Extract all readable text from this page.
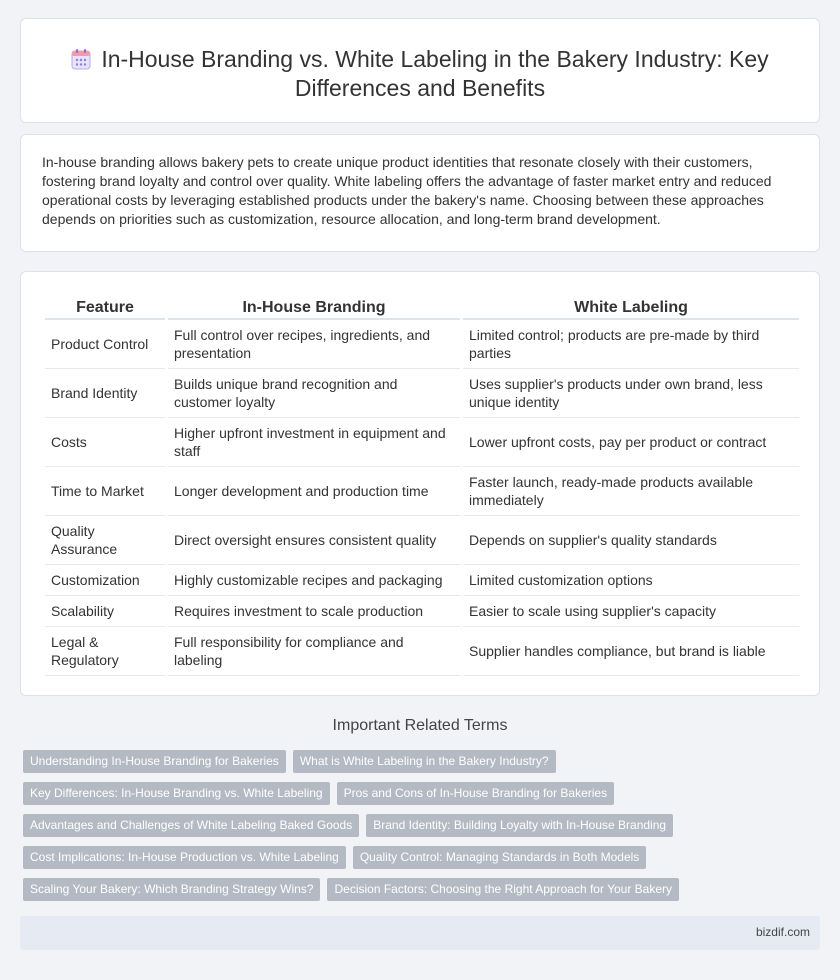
In-House Branding vs. White Labeling in the Bakery Industry: Key Differences and Benefits

In-house branding allows bakery pets to create unique product identities that resonate closely with their customers, fostering brand loyalty and control over quality. White labeling offers the advantage of faster market entry and reduced operational costs by leveraging established products under the bakery's name. Choosing between these approaches depends on priorities such as customization, resource allocation, and long-term brand development.

Feature	In-House Branding	White Labeling
Product Control	Full control over recipes, ingredients, and presentation	Limited control; products are pre-made by third parties
Brand Identity	Builds unique brand recognition and customer loyalty	Uses supplier's products under own brand, less unique identity
Costs	Higher upfront investment in equipment and staff	Lower upfront costs, pay per product or contract
Time to Market	Longer development and production time	Faster launch, ready-made products available immediately
Quality Assurance	Direct oversight ensures consistent quality	Depends on supplier's quality standards
Customization	Highly customizable recipes and packaging	Limited customization options
Scalability	Requires investment to scale production	Easier to scale using supplier's capacity
Legal & Regulatory	Full responsibility for compliance and labeling	Supplier handles compliance, but brand is liable
Important Related Terms
Understanding In-House Branding for Bakeries	What is White Labeling in the Bakery Industry?
Key Differences: In-House Branding vs. White Labeling	Pros and Cons of In-House Branding for Bakeries
Advantages and Challenges of White Labeling Baked Goods	Brand Identity: Building Loyalty with In-House Branding
Cost Implications: In-House Production vs. White Labeling	Quality Control: Managing Standards in Both Models
Scaling Your Bakery: Which Branding Strategy Wins?	Decision Factors: Choosing the Right Approach for Your Bakery
bizdif.com
